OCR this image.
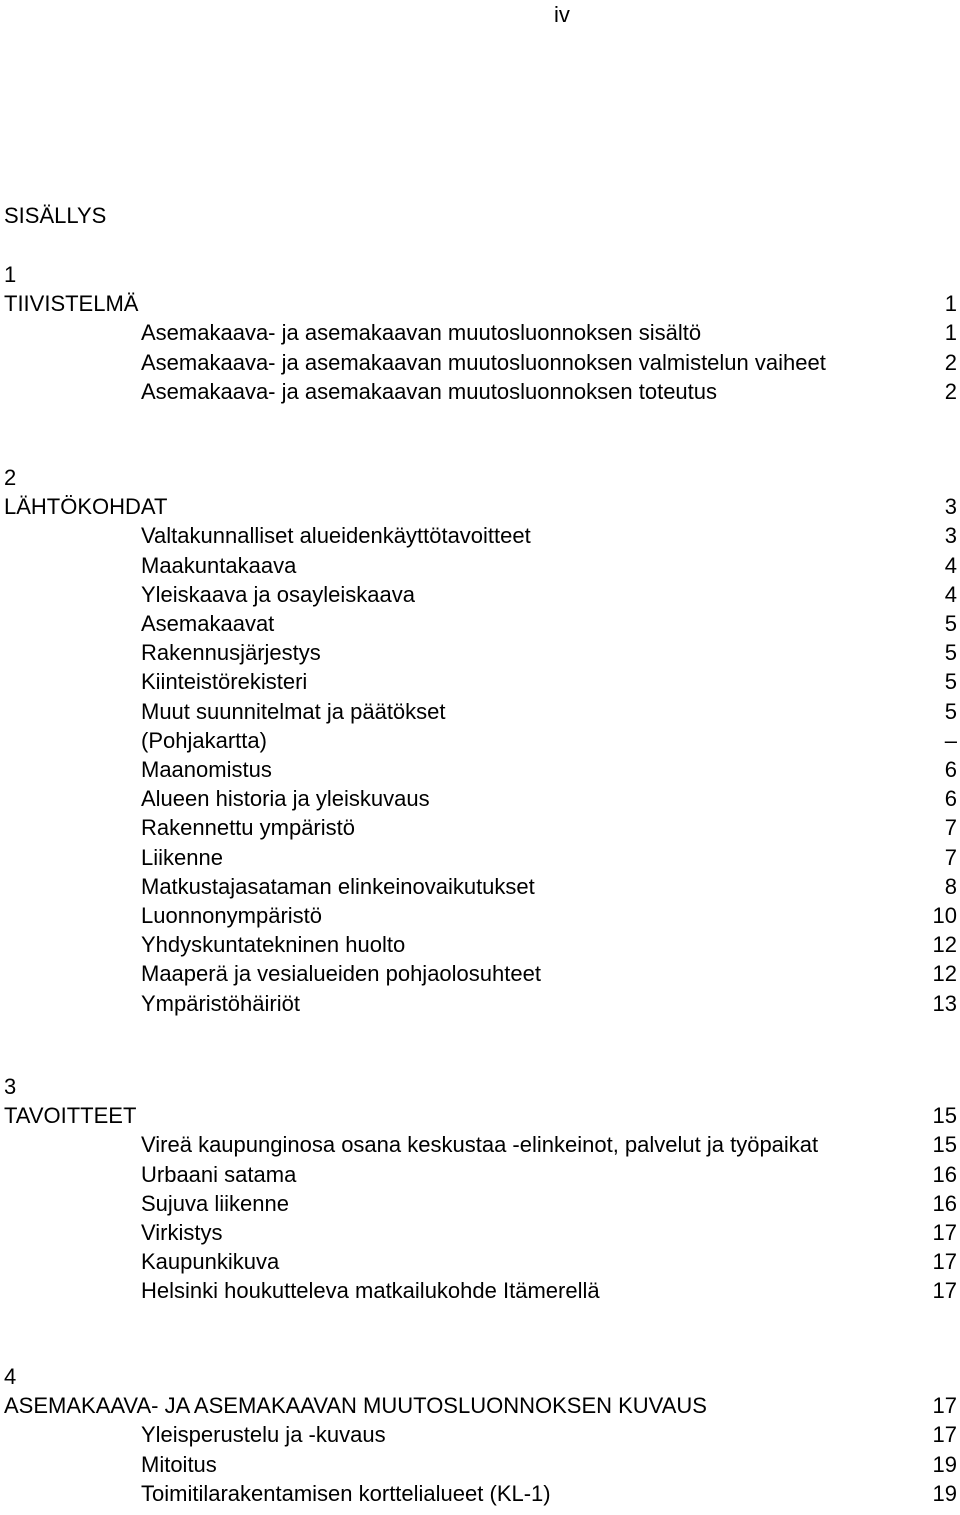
iv
SISÄLLYS
1
TIIVISTELMÄ	1
Asemakaava- ja asemakaavan muutosluonnoksen sisältö	1
Asemakaava- ja asemakaavan muutosluonnoksen valmistelun vaiheet	2
Asemakaava- ja asemakaavan muutosluonnoksen toteutus	2
2
LÄHTÖKOHDAT	3
Valtakunnalliset alueidenkäyttötavoitteet	3
Maakuntakaava	4
Yleiskaava ja osayleiskaava	4
Asemakaavat	5
Rakennusjärjestys	5
Kiinteistörekisteri	5
Muut suunnitelmat ja päätökset	5
(Pohjakartta)	–
Maanomistus	6
Alueen historia ja yleiskuvaus	6
Rakennettu ympäristö	7
Liikenne	7
Matkustajasataman elinkeinovaikutukset	8
Luonnonympäristö	10
Yhdyskuntatekninen huolto	12
Maaperä ja vesialueiden pohjaolosuhteet	12
Ympäristöhäiriöt	13
3
TAVOITTEET	15
Vireä kaupunginosa osana keskustaa -elinkeinot, palvelut ja työpaikat	15
Urbaani satama	16
Sujuva liikenne	16
Virkistys	17
Kaupunkikuva	17
Helsinki houkutteleva matkailukohde Itämerellä	17
4
ASEMAKAAVA- JA ASEMAKAAVAN MUUTOSLUONNOKSEN KUVAUS	17
Yleisperustelu ja -kuvaus	17
Mitoitus	19
Toimitilarakentamisen korttelialueet (KL-1)	19
